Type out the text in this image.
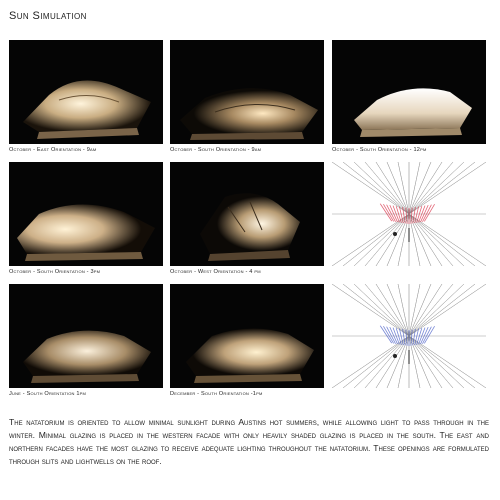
Sun Simulation
October - East Orientation - 9am	October - South Orientation - 9am	October - South Orientation - 12pm
October - South Orientation - 3pm	October - West Orientation - 4 pm
June - South Orientation 1pm	December - South Orientation -1pm
The natatorium is oriented to allow minimal sunlight during Austins hot summers, while allowing light to pass through in the winter. Minimal glazing is placed in the western facade with only heavily shaded glazing is placed in the south. The east and northern facades have the most glazing to receive adequate lighting throughout the natatorium. These openings are formulated through slits and lightwells on the roof.
